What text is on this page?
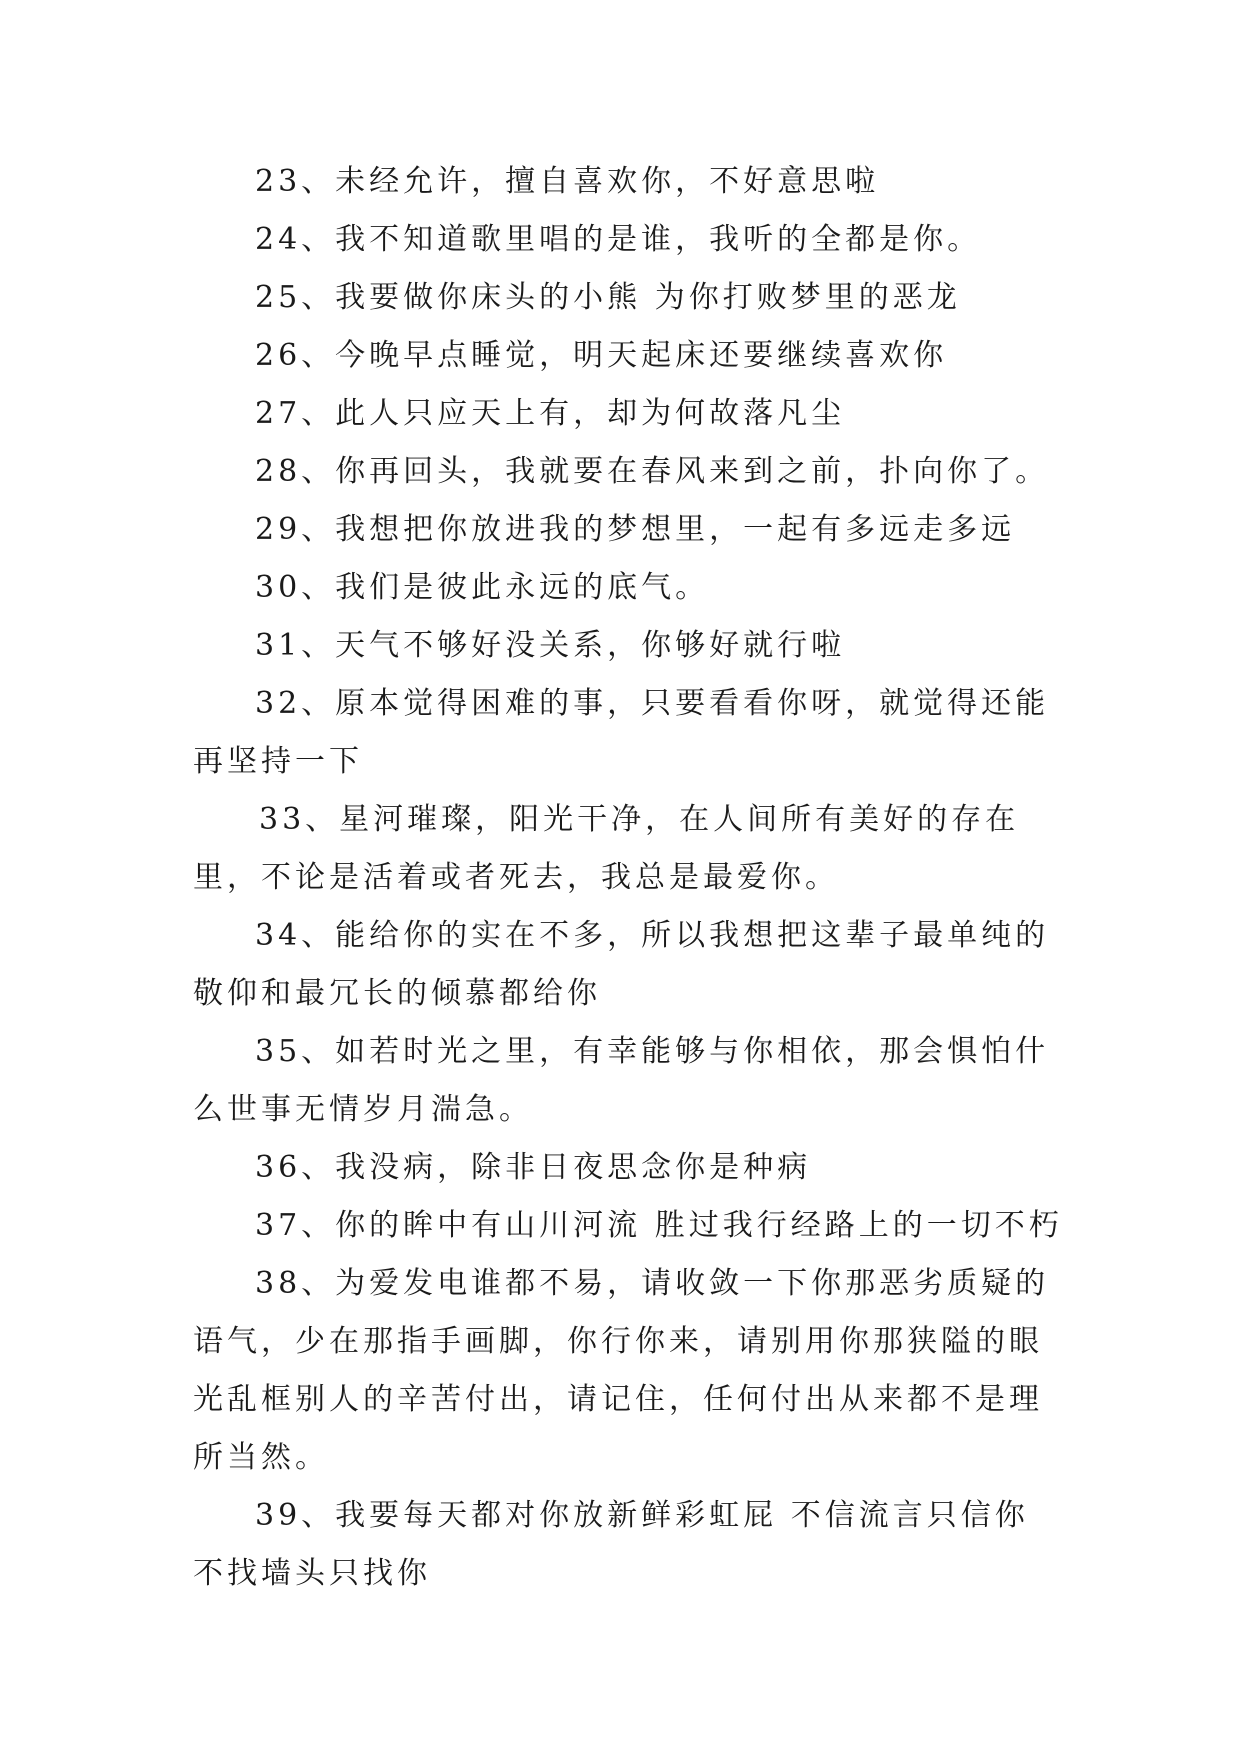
23、未经允许，擅自喜欢你，不好意思啦

24、我不知道歌里唱的是谁，我听的全都是你。

25、我要做你床头的小熊 为你打败梦里的恶龙

26、今晚早点睡觉，明天起床还要继续喜欢你

27、此人只应天上有，却为何故落凡尘

28、你再回头，我就要在春风来到之前，扑向你了。

29、我想把你放进我的梦想里，一起有多远走多远

30、我们是彼此永远的底气。

31、天气不够好没关系，你够好就行啦

32、原本觉得困难的事，只要看看你呀，就觉得还能再坚持一下

33、星河璀璨，阳光干净，在人间所有美好的存在里，不论是活着或者死去，我总是最爱你。

34、能给你的实在不多，所以我想把这辈子最单纯的敬仰和最冗长的倾慕都给你

35、如若时光之里，有幸能够与你相依，那会惧怕什么世事无情岁月湍急。

36、我没病，除非日夜思念你是种病

37、你的眸中有山川河流 胜过我行经路上的一切不朽

38、为爱发电谁都不易，请收敛一下你那恶劣质疑的语气，少在那指手画脚，你行你来，请别用你那狭隘的眼光乱框别人的辛苦付出，请记住，任何付出从来都不是理所当然。

39、我要每天都对你放新鲜彩虹屁 不信流言只信你 不找墙头只找你
